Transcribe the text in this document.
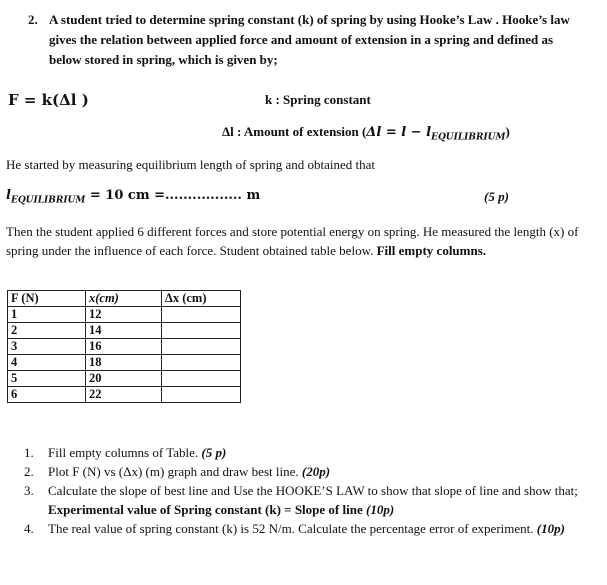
2. A student tried to determine spring constant (k) of spring by using Hooke’s Law . Hooke’s law gives the relation between applied force and amount of extension in a spring and defined as below stored in spring, which is given by;
F = k(Δl )	k : Spring constant
Δl : Amount of extension $(\Delta l = l - l_{EQUILIBRIUM})$
He started by measuring equilibrium length of spring and obtained that
$l_{EQUILIBRIUM} = 10$ cm =................. m	(5 p)
Then the student applied 6 different forces and store potential energy on spring. He measured the length (x) of spring under the influence of each force. Student obtained table below. Fill empty columns.
F (N)	x(cm)	Δx (cm)
1	12	
2	14	
3	16	
4	18	
5	20	
6	22	
1. Fill empty columns of Table. (5 p)
2. Plot F (N) vs (Δx) (m) graph and draw best line. (20p)
3. Calculate the slope of best line and Use the HOOKE’S LAW to show that slope of line and show that;
Experimental value of Spring constant (k) = Slope of line (10p)
4. The real value of spring constant (k) is 52 N/m. Calculate the percentage error of experiment. (10p)
